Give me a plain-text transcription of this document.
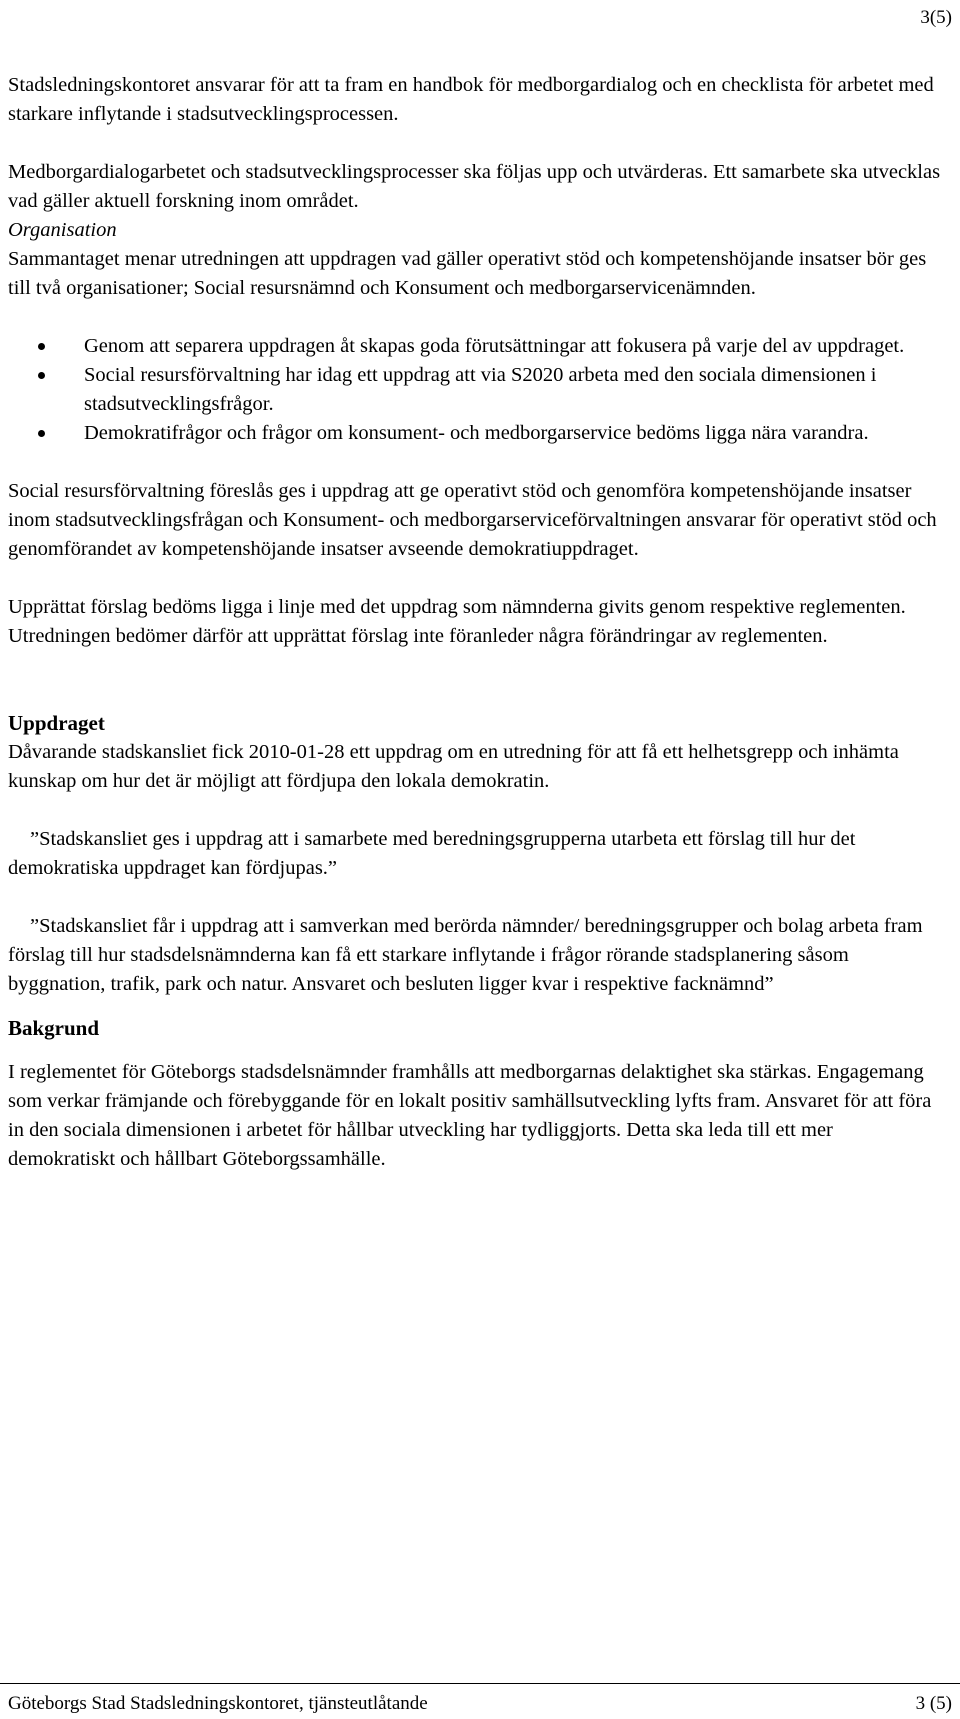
3(5)

Stadsledningskontoret ansvarar för att ta fram en handbok för medborgardialog och en checklista för arbetet med starkare inflytande i stadsutvecklingsprocessen.

Medborgardialogarbetet och stadsutvecklingsprocesser ska följas upp och utvärderas. Ett samarbete ska utvecklas vad gäller aktuell forskning inom området.

Organisation

Sammantaget menar utredningen att uppdragen vad gäller operativt stöd och kompetenshöjande insatser bör ges till två organisationer; Social resursnämnd och Konsument och medborgarservicenämnden.

Genom att separera uppdragen åt skapas goda förutsättningar att fokusera på varje del av uppdraget.
Social resursförvaltning har idag ett uppdrag att via S2020 arbeta med den sociala dimensionen i stadsutvecklingsfrågor.
Demokratifrågor och frågor om konsument- och medborgarservice bedöms ligga nära varandra.

Social resursförvaltning föreslås ges i uppdrag att ge operativt stöd och genomföra kompetenshöjande insatser inom stadsutvecklingsfrågan och Konsument- och medborgarserviceförvaltningen ansvarar för operativt stöd och genomförandet av kompetenshöjande insatser avseende demokratiuppdraget.

Upprättat förslag bedöms ligga i linje med det uppdrag som nämnderna givits genom respektive reglementen. Utredningen bedömer därför att upprättat förslag inte föranleder några förändringar av reglementen.

Uppdraget

Dåvarande stadskansliet fick 2010-01-28 ett uppdrag om en utredning för att få ett helhetsgrepp och inhämta kunskap om hur det är möjligt att fördjupa den lokala demokratin.

”Stadskansliet ges i uppdrag att i samarbete med beredningsgrupperna utarbeta ett förslag till hur det demokratiska uppdraget kan fördjupas.”

”Stadskansliet får i uppdrag att i samverkan med berörda nämnder/ beredningsgrupper och bolag arbeta fram förslag till hur stadsdelsnämnderna kan få ett starkare inflytande i frågor rörande stadsplanering såsom byggnation, trafik, park och natur. Ansvaret och besluten ligger kvar i respektive facknämnd”

Bakgrund

I reglementet för Göteborgs stadsdelsnämnder framhålls att medborgarnas delaktighet ska stärkas. Engagemang som verkar främjande och förebyggande för en lokalt positiv samhällsutveckling lyfts fram. Ansvaret för att föra in den sociala dimensionen i arbetet för hållbar utveckling har tydliggjorts. Detta ska leda till ett mer demokratiskt och hållbart Göteborgssamhälle.

Göteborgs Stad Stadsledningskontoret, tjänsteutlåtande	3 (5)
